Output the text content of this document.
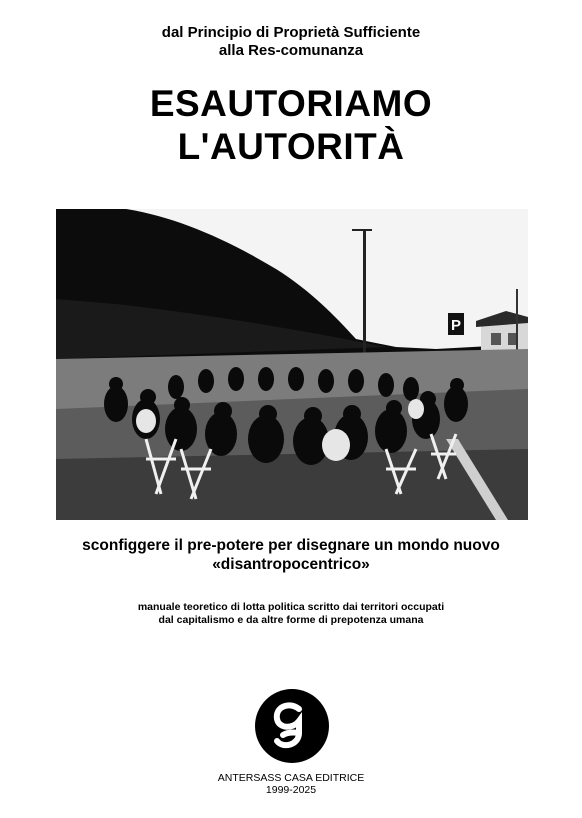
dal Principio di Proprietà Sufficiente
alla Res-comunanza
ESAUTORIAMO
L'AUTORITÀ
P
sconfiggere il pre-potere per disegnare un mondo nuovo
«disantropocentrico»
manuale teoretico di lotta politica scritto dai territori occupati
dal capitalismo e da altre forme di prepotenza umana
ANTERSASS CASA EDITRICE
1999-2025
